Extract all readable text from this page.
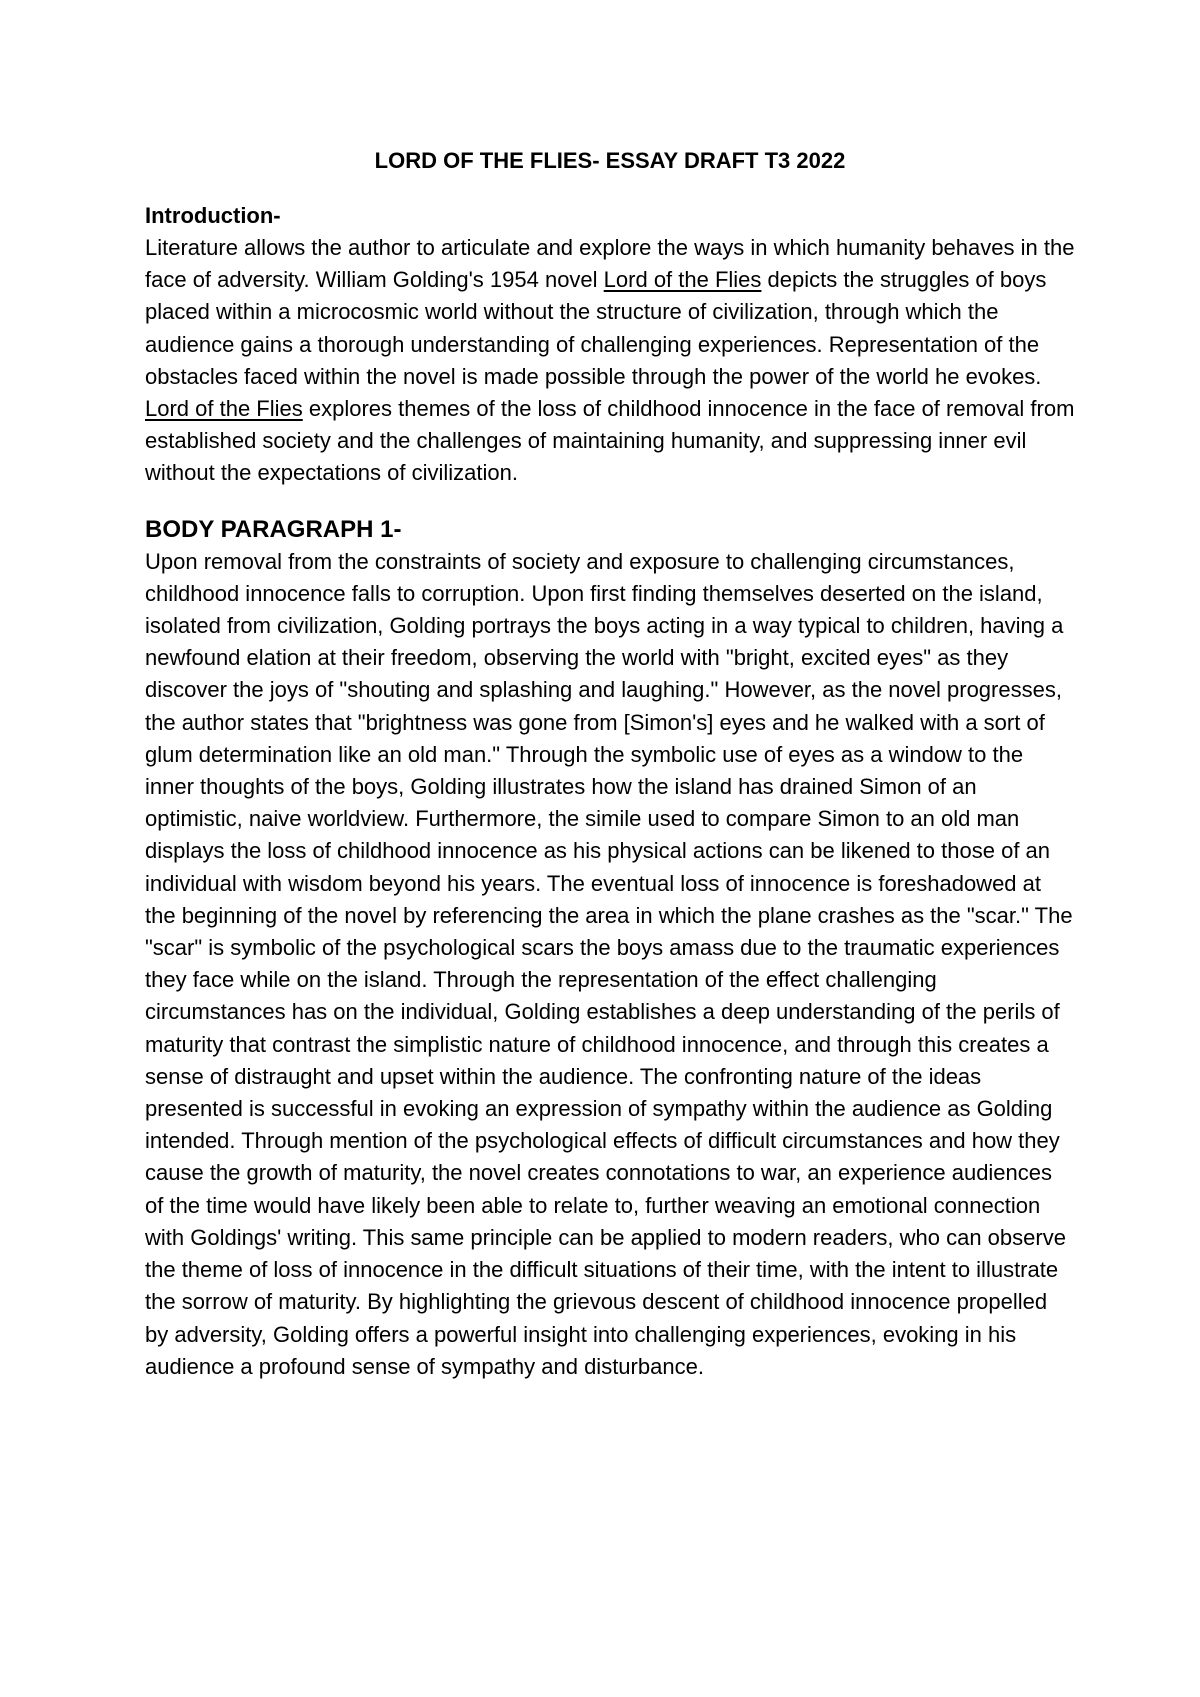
LORD OF THE FLIES- ESSAY DRAFT T3 2022
Introduction-

Literature allows the author to articulate and explore the ways in which humanity behaves in the face of adversity. William Golding's 1954 novel Lord of the Flies depicts the struggles of boys placed within a microcosmic world without the structure of civilization, through which the audience gains a thorough understanding of challenging experiences. Representation of the obstacles faced within the novel is made possible through the power of the world he evokes. Lord of the Flies explores themes of the loss of childhood innocence in the face of removal from established society and the challenges of maintaining humanity, and suppressing inner evil without the expectations of civilization.

BODY PARAGRAPH 1-

Upon removal from the constraints of society and exposure to challenging circumstances, childhood innocence falls to corruption. Upon first finding themselves deserted on the island, isolated from civilization, Golding portrays the boys acting in a way typical to children, having a newfound elation at their freedom, observing the world with "bright, excited eyes" as they discover the joys of "shouting and splashing and laughing." However, as the novel progresses, the author states that "brightness was gone from [Simon's] eyes and he walked with a sort of glum determination like an old man." Through the symbolic use of eyes as a window to the inner thoughts of the boys, Golding illustrates how the island has drained Simon of an optimistic, naive worldview. Furthermore, the simile used to compare Simon to an old man displays the loss of childhood innocence as his physical actions can be likened to those of an individual with wisdom beyond his years. The eventual loss of innocence is foreshadowed at the beginning of the novel by referencing the area in which the plane crashes as the "scar." The "scar" is symbolic of the psychological scars the boys amass due to the traumatic experiences they face while on the island. Through the representation of the effect challenging circumstances has on the individual, Golding establishes a deep understanding of the perils of maturity that contrast the simplistic nature of childhood innocence, and through this creates a sense of distraught and upset within the audience. The confronting nature of the ideas presented is successful in evoking an expression of sympathy within the audience as Golding intended. Through mention of the psychological effects of difficult circumstances and how they cause the growth of maturity, the novel creates connotations to war, an experience audiences of the time would have likely been able to relate to, further weaving an emotional connection with Goldings' writing. This same principle can be applied to modern readers, who can observe the theme of loss of innocence in the difficult situations of their time, with the intent to illustrate the sorrow of maturity. By highlighting the grievous descent of childhood innocence propelled by adversity, Golding offers a powerful insight into challenging experiences, evoking in his audience a profound sense of sympathy and disturbance.
